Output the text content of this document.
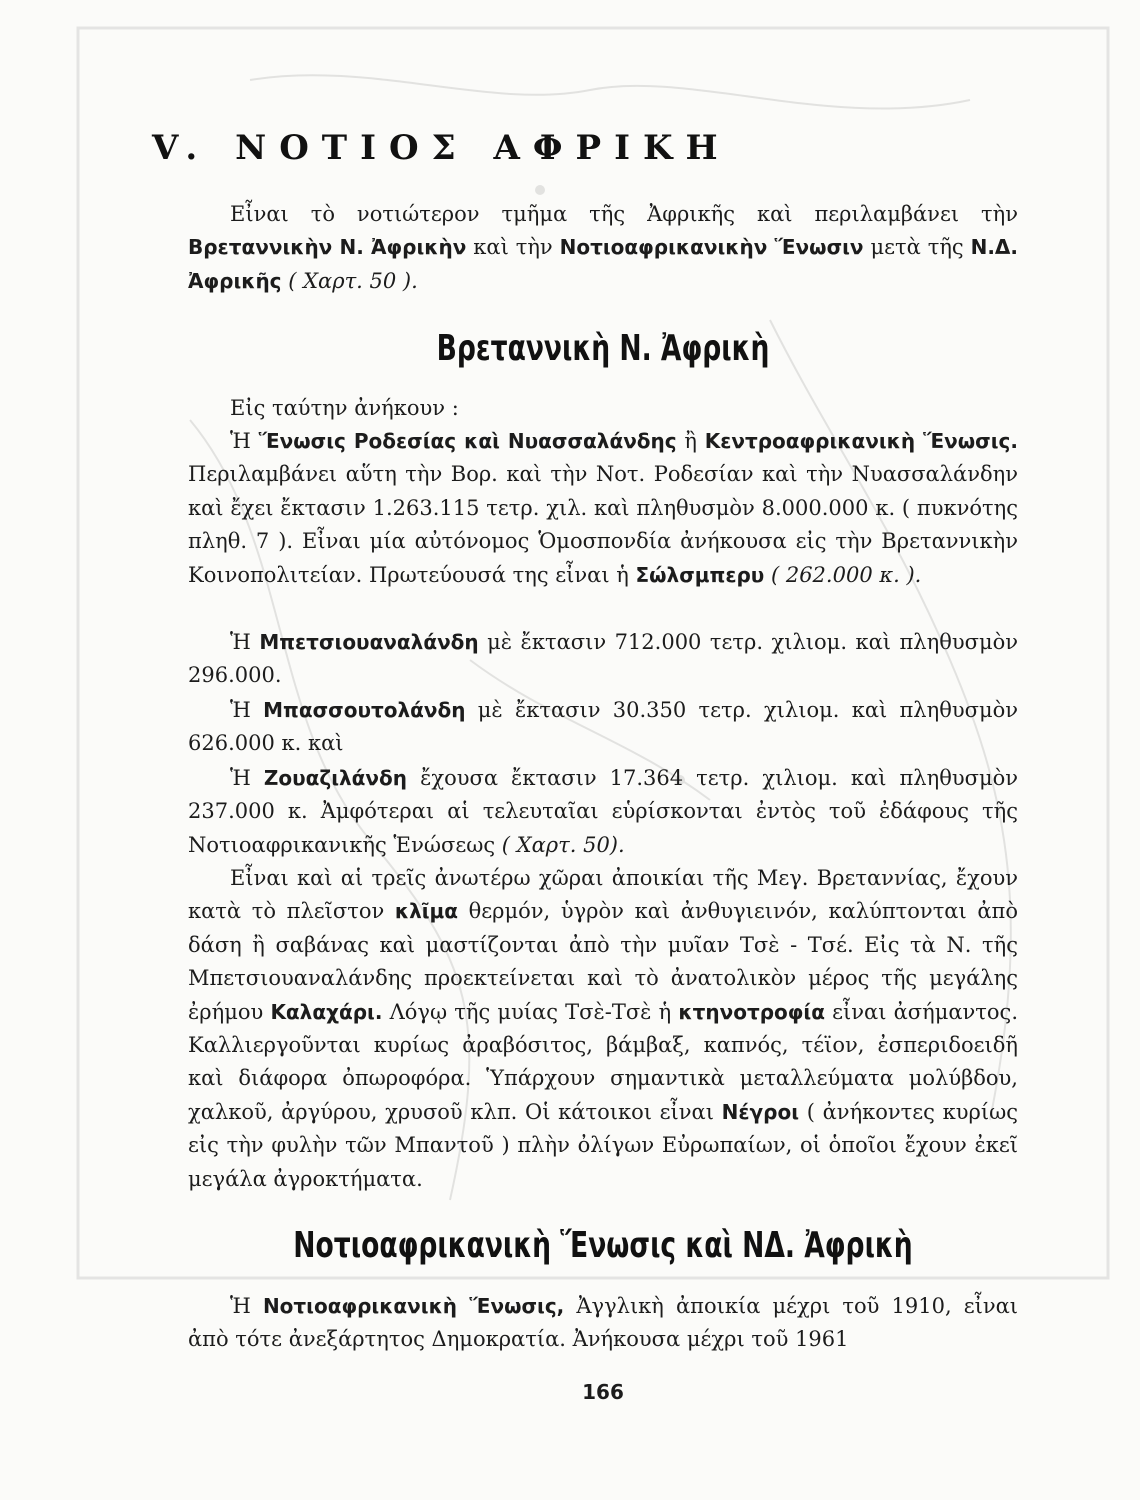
V. ΝΟΤΙΟΣ ΑΦΡΙΚΗ

Εἶναι τὸ νοτιώτερον τμῆμα τῆς Ἀφρικῆς καὶ περιλαμβάνει τὴν Βρεταννικὴν Ν. Ἀφρικὴν καὶ τὴν Νοτιοαφρικανικὴν Ἕνωσιν μετὰ τῆς Ν.Δ. Ἀφρικῆς ( Χαρτ. 50 ).

Βρεταννικὴ Ν. Ἀφρικὴ

Εἰς ταύτην ἀνήκουν :

Ἡ Ἕνωσις Ροδεσίας καὶ Νυασσαλάνδης ἢ Κεντροαφρικανικὴ Ἕνωσις. Περιλαμβάνει αὕτη τὴν Βορ. καὶ τὴν Νοτ. Ροδεσίαν καὶ τὴν Νυασσαλάνδην καὶ ἔχει ἔκτασιν 1.263.115 τετρ. χιλ. καὶ πληθυσμὸν 8.000.000 κ. ( πυκνότης πληθ. 7 ). Εἶναι μία αὐτόνομος Ὁμοσπονδία ἀνήκουσα εἰς τὴν Βρεταννικὴν Κοινοπολιτείαν. Πρωτεύουσά της εἶναι ἡ Σώλσμπερυ ( 262.000 κ. ).

Ἡ Μπετσιουαναλάνδη μὲ ἔκτασιν 712.000 τετρ. χιλιομ. καὶ πληθυσμὸν 296.000.

Ἡ Μπασσουτολάνδη μὲ ἔκτασιν 30.350 τετρ. χιλιομ. καὶ πληθυσμὸν 626.000 κ. καὶ

Ἡ Ζουαζιλάνδη ἔχουσα ἔκτασιν 17.364 τετρ. χιλιομ. καὶ πληθυσμὸν 237.000 κ. Ἀμφότεραι αἱ τελευταῖαι εὑρίσκονται ἐντὸς τοῦ ἐδάφους τῆς Νοτιοαφρικανικῆς Ἑνώσεως ( Χαρτ. 50).

Εἶναι καὶ αἱ τρεῖς ἀνωτέρω χῶραι ἀποικίαι τῆς Μεγ. Βρεταννίας, ἔχουν κατὰ τὸ πλεῖστον κλῖμα θερμόν, ὑγρὸν καὶ ἀνθυγιεινόν, καλύπτονται ἀπὸ δάση ἢ σαβάνας καὶ μαστίζονται ἀπὸ τὴν μυῖαν Τσὲ - Τσέ. Εἰς τὰ Ν. τῆς Μπετσιουαναλάνδης προεκτείνεται καὶ τὸ ἀνατολικὸν μέρος τῆς μεγάλης ἐρήμου Καλαχάρι. Λόγῳ τῆς μυίας Τσὲ-Τσὲ ἡ κτηνοτροφία εἶναι ἀσήμαντος. Καλλιεργοῦνται κυρίως ἀραβόσιτος, βάμβαξ, καπνός, τέϊον, ἐσπεριδοειδῆ καὶ διάφορα ὀπωροφόρα. Ὑπάρχουν σημαντικὰ μεταλλεύματα μολύβδου, χαλκοῦ, ἀργύρου, χρυσοῦ κλπ. Οἱ κάτοικοι εἶναι Νέγροι ( ἀνήκοντες κυρίως εἰς τὴν φυλὴν τῶν Μπαντοῦ ) πλὴν ὀλίγων Εὐρωπαίων, οἱ ὁποῖοι ἔχουν ἐκεῖ μεγάλα ἀγροκτήματα.

Νοτιοαφρικανικὴ Ἕνωσις καὶ ΝΔ. Ἀφρικὴ

Ἡ Νοτιοαφρικανικὴ Ἕνωσις, Ἀγγλικὴ ἀποικία μέχρι τοῦ 1910, εἶναι ἀπὸ τότε ἀνεξάρτητος Δημοκρατία. Ἀνήκουσα μέχρι τοῦ 1961

166
